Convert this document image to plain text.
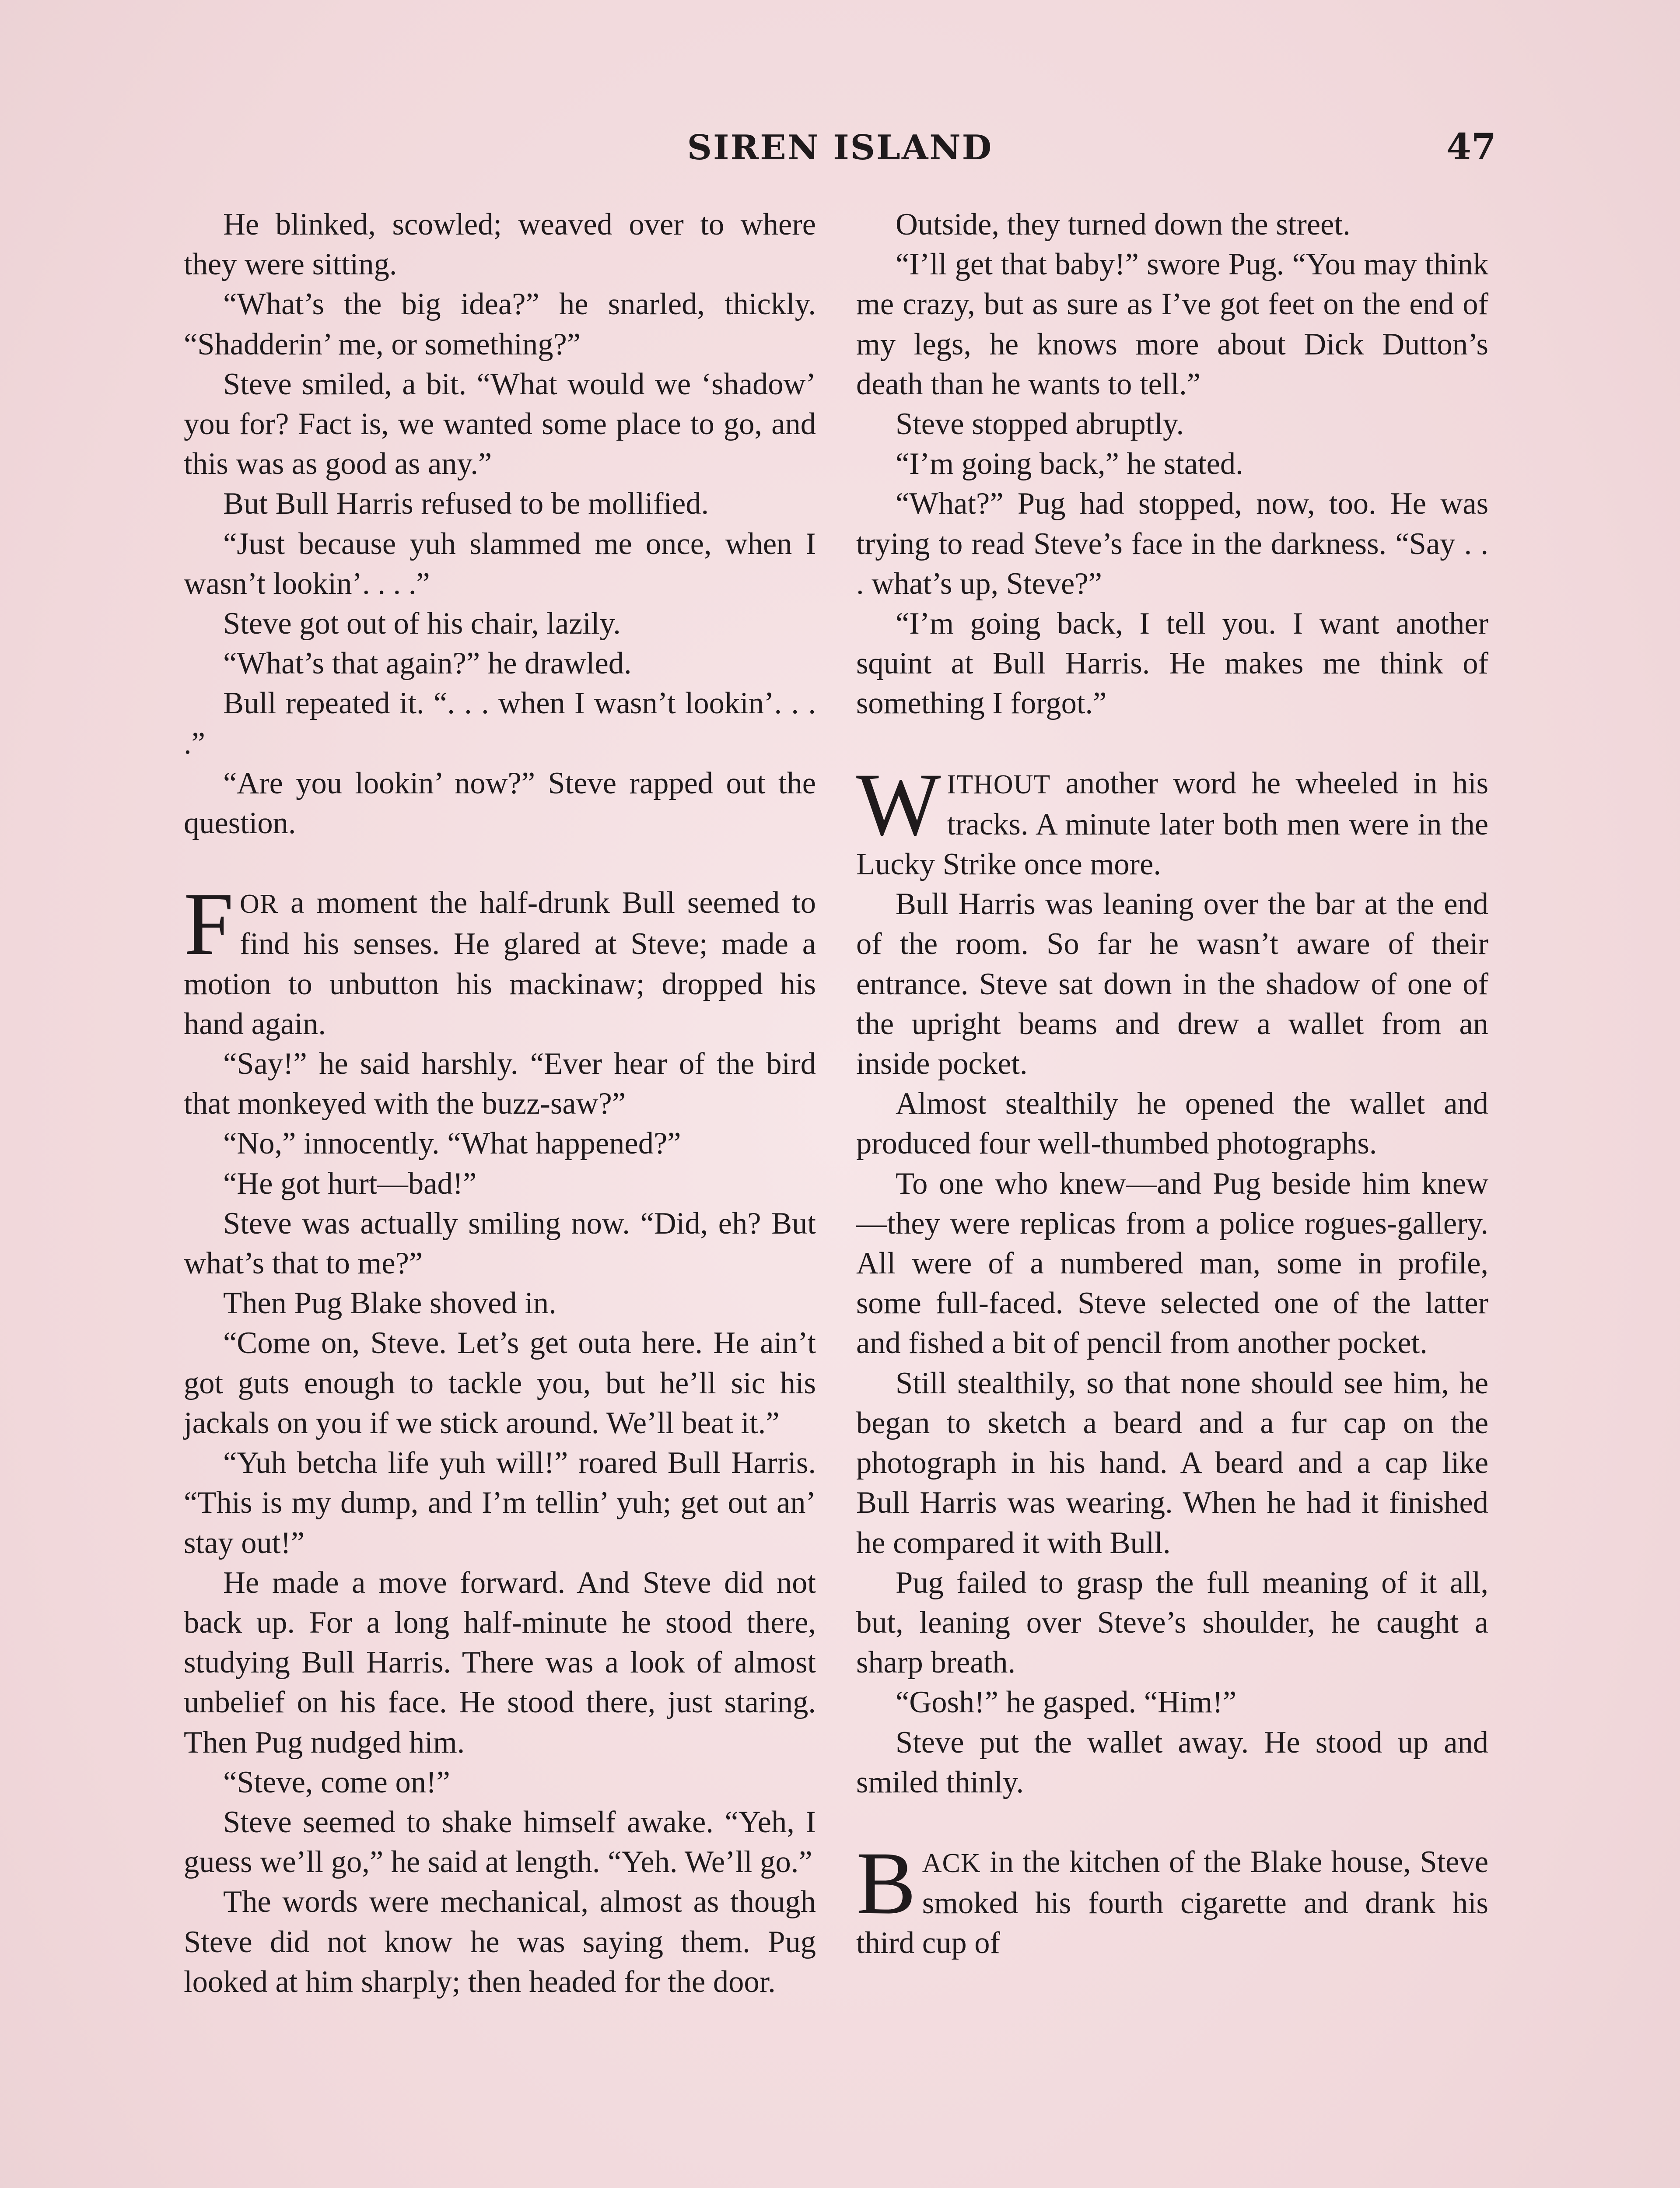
SIREN ISLAND	47

He blinked, scowled; weaved over to where they were sitting.

“What’s the big idea?” he snarled, thickly. “Shadderin’ me, or something?”

Steve smiled, a bit. “What would we ‘shadow’ you for? Fact is, we wanted some place to go, and this was as good as any.”

But Bull Harris refused to be mollified.

“Just because yuh slammed me once, when I wasn’t lookin’. . . .”

Steve got out of his chair, lazily.

“What’s that again?” he drawled.

Bull repeated it. “. . . when I wasn’t lookin’. . . .”

“Are you lookin’ now?” Steve rapped out the question.

FOR a moment the half-drunk Bull seemed to find his senses. He glared at Steve; made a motion to unbutton his mackinaw; dropped his hand again.

“Say!” he said harshly. “Ever hear of the bird that monkeyed with the buzz-saw?”

“No,” innocently. “What happened?”

“He got hurt—bad!”

Steve was actually smiling now. “Did, eh? But what’s that to me?”

Then Pug Blake shoved in.

“Come on, Steve. Let’s get outa here. He ain’t got guts enough to tackle you, but he’ll sic his jackals on you if we stick around. We’ll beat it.”

“Yuh betcha life yuh will!” roared Bull Harris. “This is my dump, and I’m tellin’ yuh; get out an’ stay out!”

He made a move forward. And Steve did not back up. For a long half-minute he stood there, studying Bull Harris. There was a look of almost unbelief on his face. He stood there, just staring. Then Pug nudged him.

“Steve, come on!”

Steve seemed to shake himself awake. “Yeh, I guess we’ll go,” he said at length. “Yeh. We’ll go.”

The words were mechanical, almost as though Steve did not know he was saying them. Pug looked at him sharply; then headed for the door.

Outside, they turned down the street.

“I’ll get that baby!” swore Pug. “You may think me crazy, but as sure as I’ve got feet on the end of my legs, he knows more about Dick Dutton’s death than he wants to tell.”

Steve stopped abruptly.

“I’m going back,” he stated.

“What?” Pug had stopped, now, too. He was trying to read Steve’s face in the darkness. “Say . . . what’s up, Steve?”

“I’m going back, I tell you. I want another squint at Bull Harris. He makes me think of something I forgot.”

WITHOUT another word he wheeled in his tracks. A minute later both men were in the Lucky Strike once more.

Bull Harris was leaning over the bar at the end of the room. So far he wasn’t aware of their entrance. Steve sat down in the shadow of one of the upright beams and drew a wallet from an inside pocket.

Almost stealthily he opened the wallet and produced four well-thumbed photographs.

To one who knew—and Pug beside him knew—they were replicas from a police rogues-gallery. All were of a numbered man, some in profile, some full-faced. Steve selected one of the latter and fished a bit of pencil from another pocket.

Still stealthily, so that none should see him, he began to sketch a beard and a fur cap on the photograph in his hand. A beard and a cap like Bull Harris was wearing. When he had it finished he compared it with Bull.

Pug failed to grasp the full meaning of it all, but, leaning over Steve’s shoulder, he caught a sharp breath.

“Gosh!” he gasped. “Him!”

Steve put the wallet away. He stood up and smiled thinly.

BACK in the kitchen of the Blake house, Steve smoked his fourth cigarette and drank his third cup of
